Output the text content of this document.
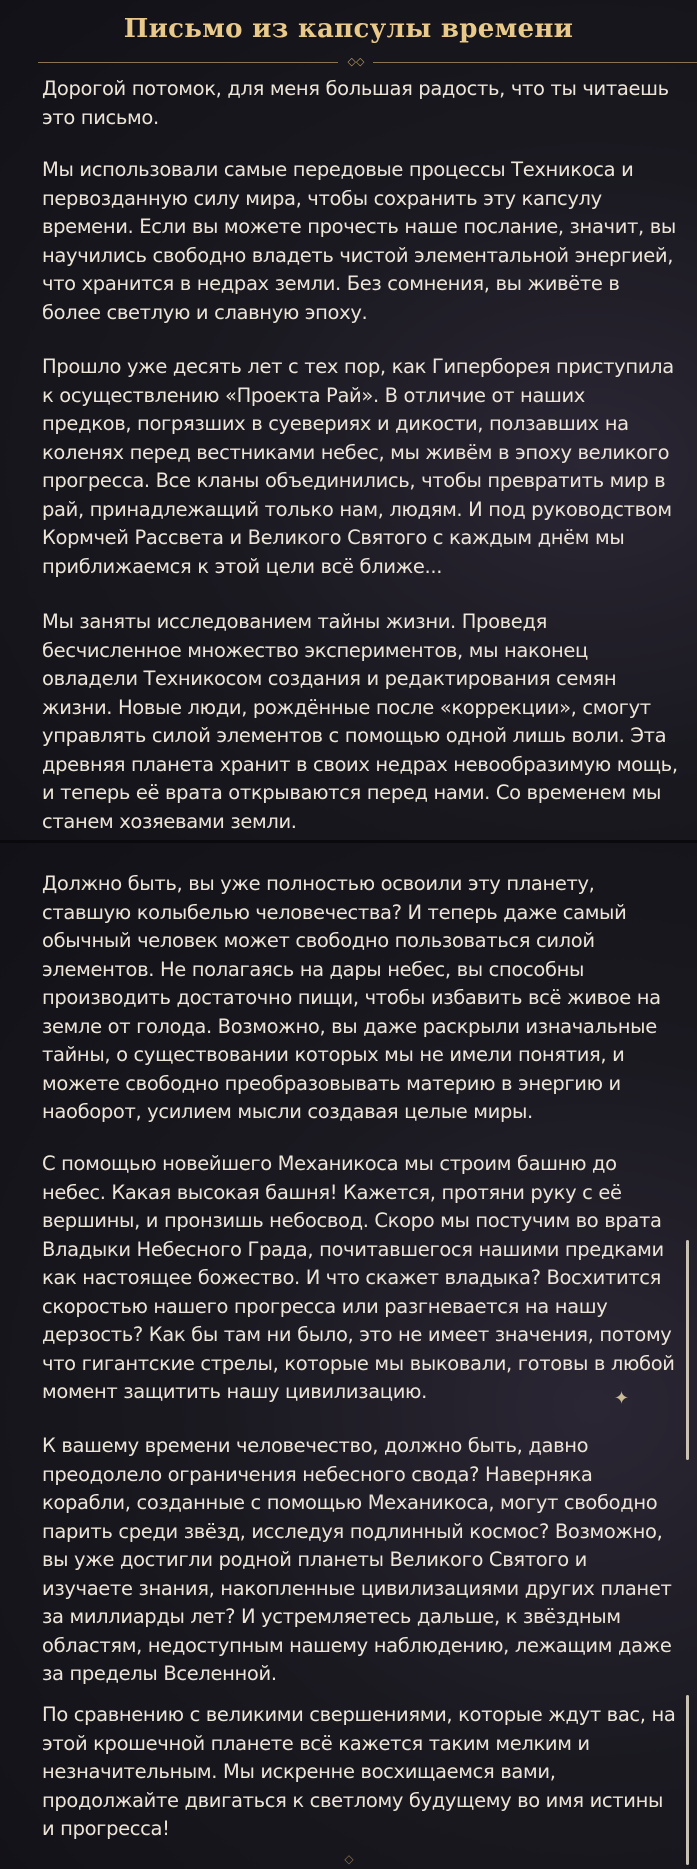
Письмо из капсулы времени
◇◇

Дорогой потомок, для меня большая радость, что ты читаешь это письмо.

Мы использовали самые передовые процессы Техникоса и первозданную силу мира, чтобы сохранить эту капсулу времени. Если вы можете прочесть наше послание, значит, вы научились свободно владеть чистой элементальной энергией, что хранится в недрах земли. Без сомнения, вы живёте в более светлую и славную эпоху.

Прошло уже десять лет с тех пор, как Гиперборея приступила к осуществлению «Проекта Рай». В отличие от наших предков, погрязших в суевериях и дикости, ползавших на коленях перед вестниками небес, мы живём в эпоху великого прогресса. Все кланы объединились, чтобы превратить мир в рай, принадлежащий только нам, людям. И под руководством Кормчей Рассвета и Великого Святого с каждым днём мы приближаемся к этой цели всё ближе...

Мы заняты исследованием тайны жизни. Проведя бесчисленное множество экспериментов, мы наконец овладели Техникосом создания и редактирования семян жизни. Новые люди, рождённые после «коррекции», смогут управлять силой элементов с помощью одной лишь воли. Эта древняя планета хранит в своих недрах невообразимую мощь, и теперь её врата открываются перед нами. Со временем мы станем хозяевами земли.

Должно быть, вы уже полностью освоили эту планету, ставшую колыбелью человечества? И теперь даже самый обычный человек может свободно пользоваться силой элементов. Не полагаясь на дары небес, вы способны производить достаточно пищи, чтобы избавить всё живое на земле от голода. Возможно, вы даже раскрыли изначальные тайны, о существовании которых мы не имели понятия, и можете свободно преобразовывать материю в энергию и наоборот, усилием мысли создавая целые миры.

С помощью новейшего Механикоса мы строим башню до небес. Какая высокая башня! Кажется, протяни руку с её вершины, и пронзишь небосвод. Скоро мы постучим во врата Владыки Небесного Града, почитавшегося нашими предками как настоящее божество. И что скажет владыка? Восхитится скоростью нашего прогресса или разгневается на нашу дерзость? Как бы там ни было, это не имеет значения, потому что гигантские стрелы, которые мы выковали, готовы в любой момент защитить нашу цивилизацию.

К вашему времени человечество, должно быть, давно преодолело ограничения небесного свода? Наверняка корабли, созданные с помощью Механикоса, могут свободно парить среди звёзд, исследуя подлинный космос? Возможно, вы уже достигли родной планеты Великого Святого и изучаете знания, накопленные цивилизациями других планет за миллиарды лет? И устремляетесь дальше, к звёздным областям, недоступным нашему наблюдению, лежащим даже за пределы Вселенной.

По сравнению с великими свершениями, которые ждут вас, на этой крошечной планете всё кажется таким мелким и незначительным. Мы искренне восхищаемся вами, продолжайте двигаться к светлому будущему во имя истины и прогресса!

✦
◇
